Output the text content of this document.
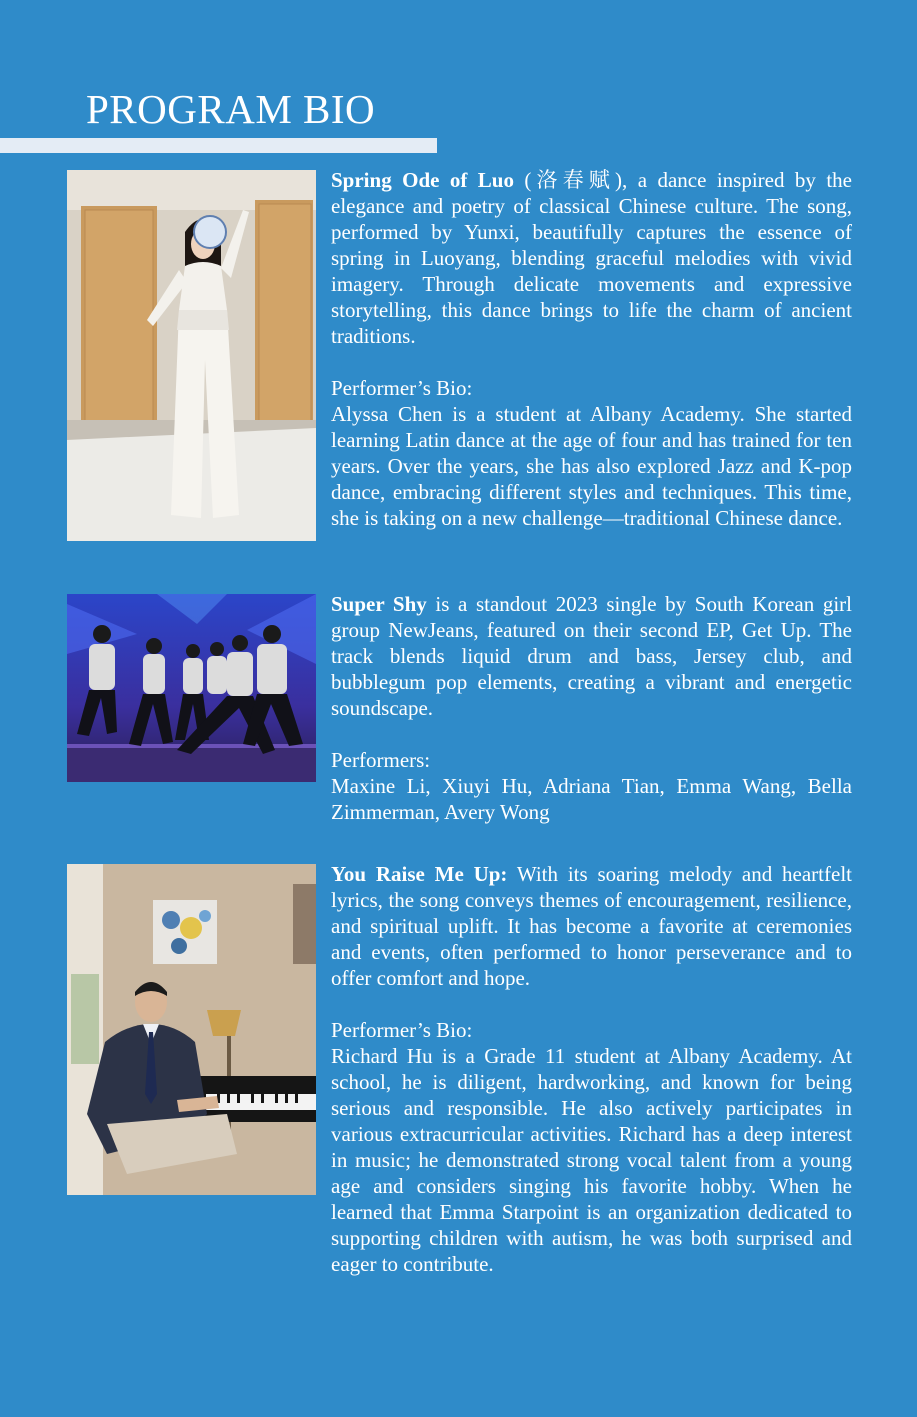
PROGRAM BIO

Spring Ode of Luo (洛春赋), a dance inspired by the elegance and poetry of classical Chinese culture. The song, performed by Yunxi, beautifully captures the essence of spring in Luoyang, blending graceful melodies with vivid imagery. Through delicate movements and expressive storytelling, this dance brings to life the charm of ancient traditions.

Performer’s Bio:

Alyssa Chen is a student at Albany Academy. She started learning Latin dance at the age of four and has trained for ten years. Over the years, she has also explored Jazz and K-pop dance, embracing different styles and techniques. This time, she is taking on a new challenge—traditional Chinese dance.

Super Shy is a standout 2023 single by South Korean girl group NewJeans, featured on their second EP, Get Up. The track blends liquid drum and bass, Jersey club, and bubblegum pop elements, creating a vibrant and energetic soundscape.

Performers:

Maxine Li, Xiuyi Hu, Adriana Tian, Emma Wang, Bella Zimmerman, Avery Wong

You Raise Me Up: With its soaring melody and heartfelt lyrics, the song conveys themes of encouragement, resilience, and spiritual uplift. It has become a favorite at ceremonies and events, often performed to honor perseverance and to offer comfort and hope.

Performer’s Bio:

Richard Hu is a Grade 11 student at Albany Academy. At school, he is diligent, hardworking, and known for being serious and responsible. He also actively participates in various extracurricular activities. Richard has a deep interest in music; he demonstrated strong vocal talent from a young age and considers singing his favorite hobby. When he learned that Emma Starpoint is an organization dedicated to supporting children with autism, he was both surprised and eager to contribute.
